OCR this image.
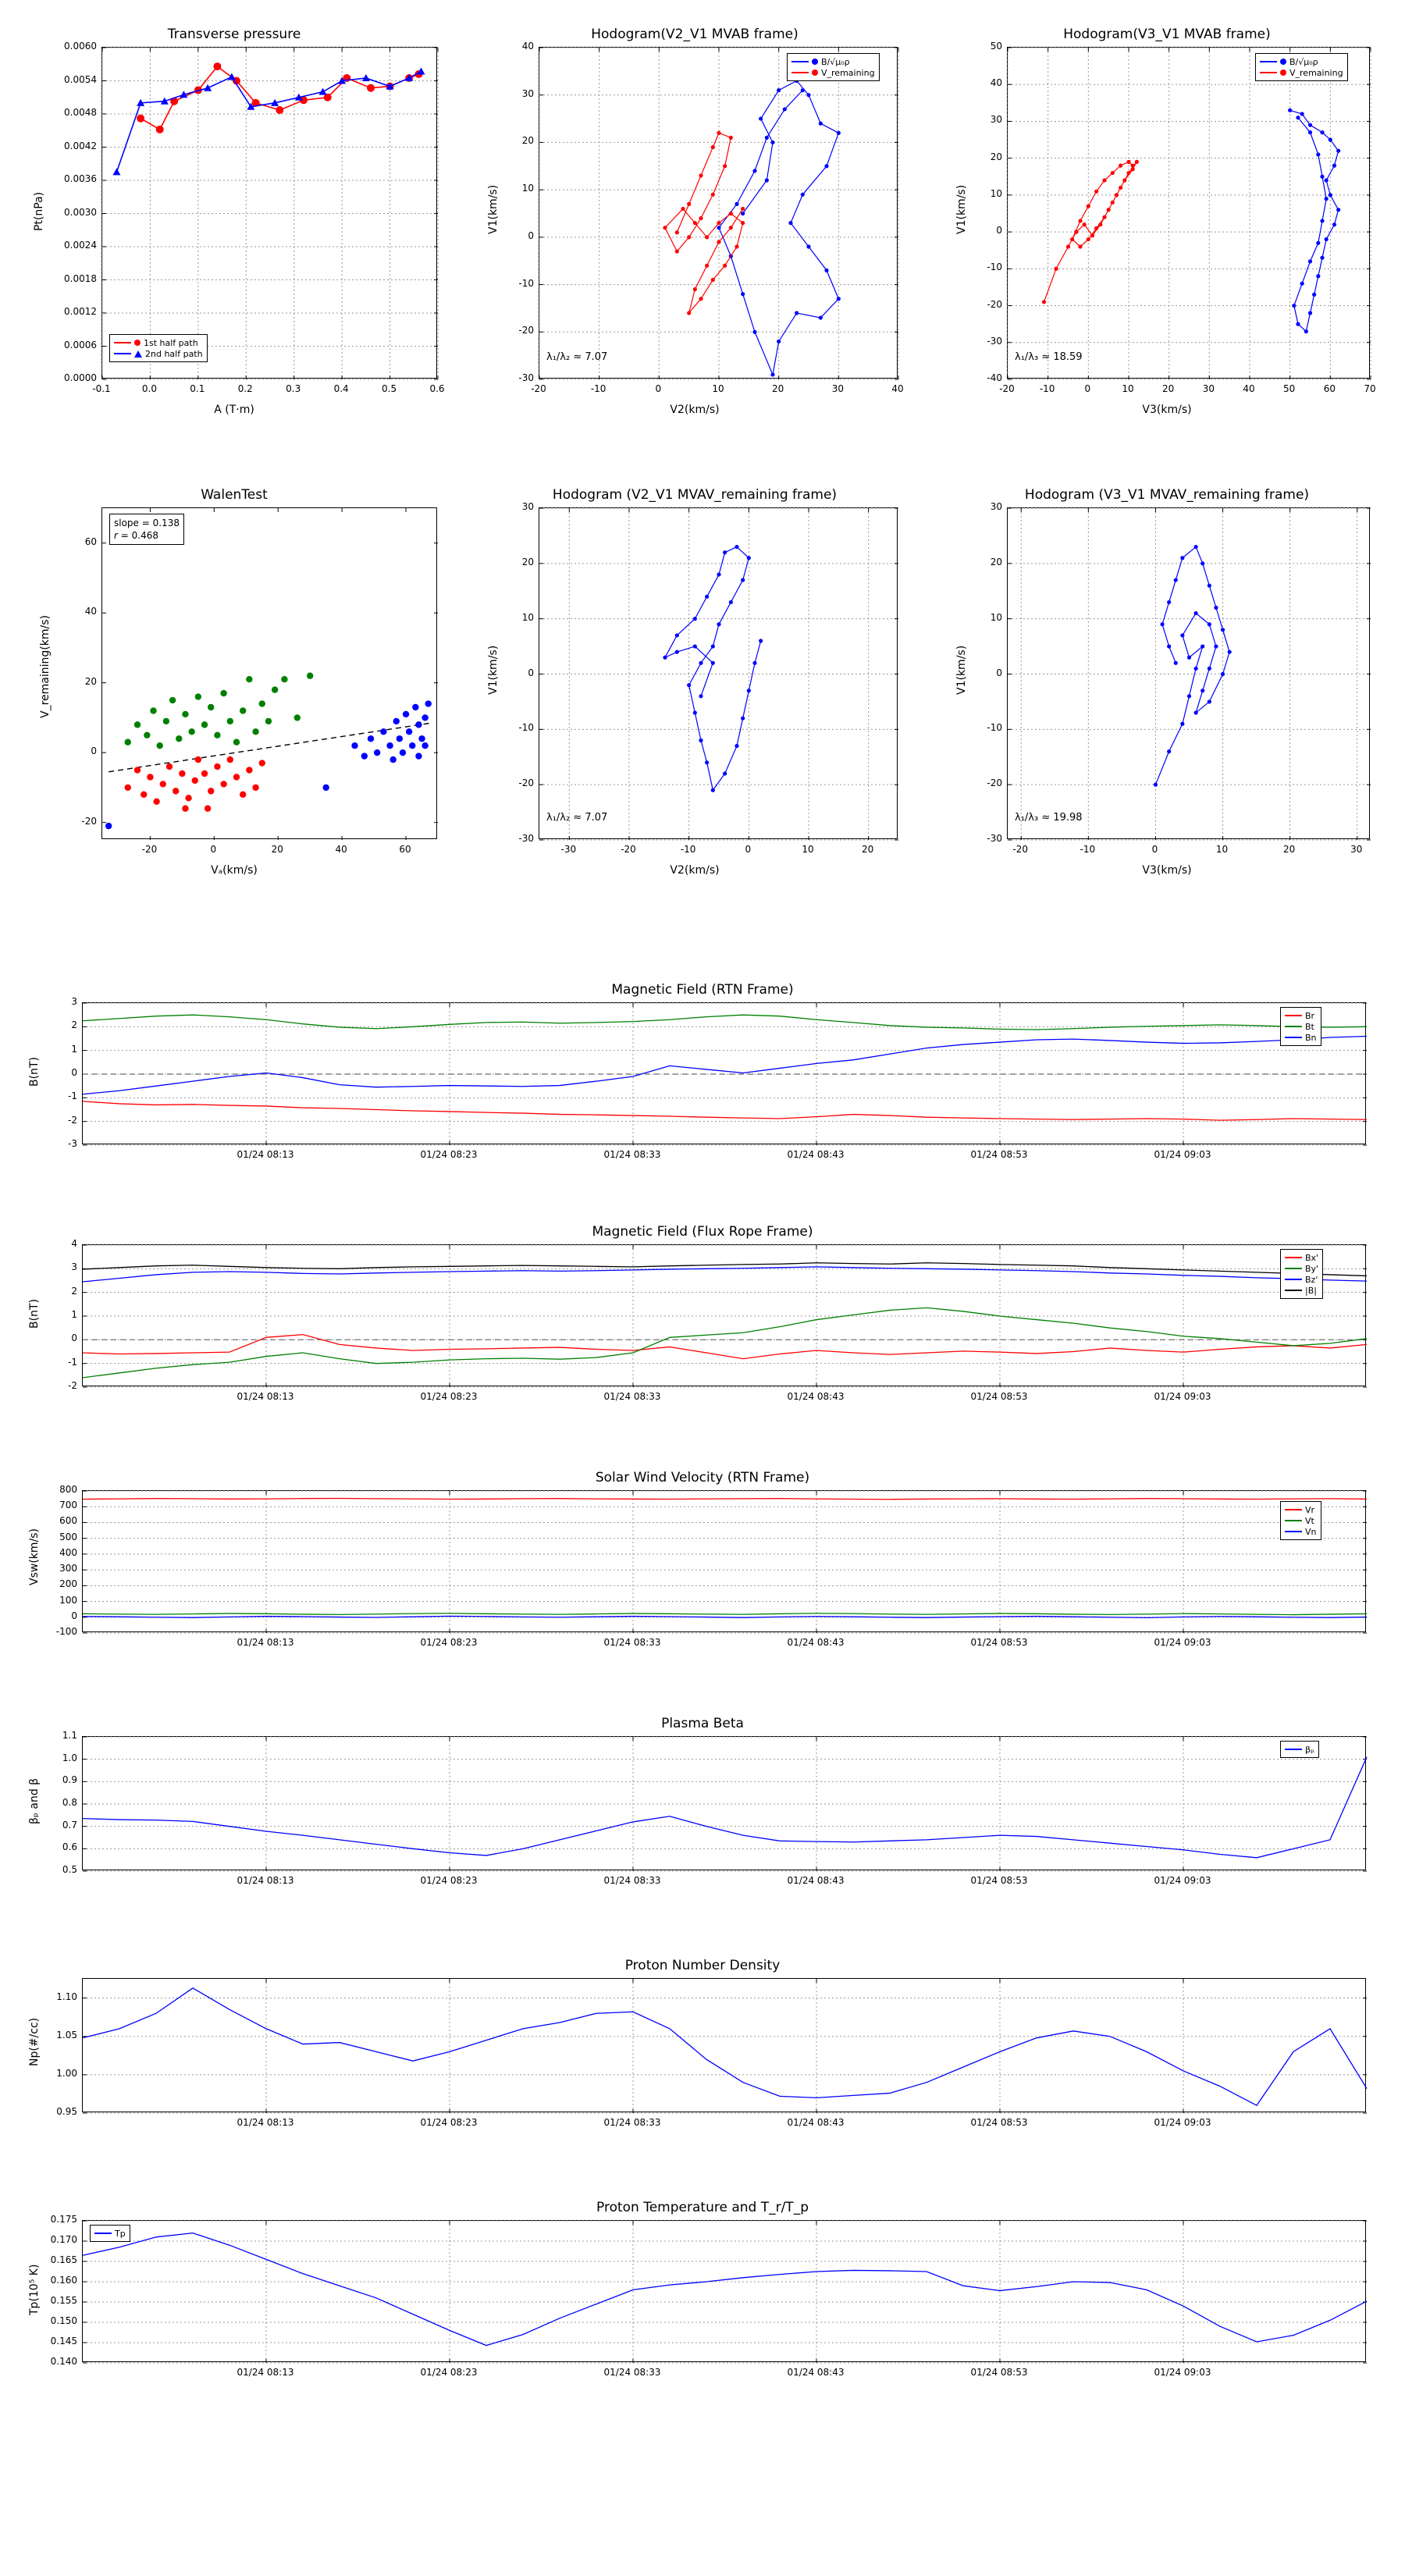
Transverse pressure
Pt(nPa)
A (T·m)
0.0000
0.0006
0.0012
0.0018
0.0024
0.0030
0.0036
0.0042
0.0048
0.0054
0.0060
-0.1	0.0	0.1	0.2	0.3	0.4	0.5	0.6
1st half path
2nd half path
Hodogram(V2_V1 MVAB frame)
V1(km/s)
V2(km/s)
-30
-20
-10
0
10
20
30
40
-20	-10	0	10	20	30	40
B/√μ₀ρ
V_remaining
λ₁/λ₂ ≈ 7.07
Hodogram(V3_V1 MVAB frame)
V1(km/s)
V3(km/s)
-40
-30
-20
-10
0
10
20
30
40
50
-20	-10	0	10	20	30	40	50	60	70
B/√μ₀ρ
V_remaining
λ₁/λ₃ ≈ 18.59
WalenTest
V_remaining(km/s)
Vₐ(km/s)
-20
0
20
40
60
-20	0	20	40	60
slope = 0.138
r = 0.468
Hodogram (V2_V1 MVAV_remaining frame)
V1(km/s)
V2(km/s)
-30
-20
-10
0
10
20
30
-30	-20	-10	0	10	20
λ₁/λ₂ ≈ 7.07
Hodogram (V3_V1 MVAV_remaining frame)
V1(km/s)
V3(km/s)
-30
-20
-10
0
10
20
30
-20	-10	0	10	20	30
λ₁/λ₃ ≈ 19.98
Magnetic Field (RTN Frame)
B(nT)
-3
-2
-1
0
1
2
3
01/24 08:13	01/24 08:23	01/24 08:33	01/24 08:43	01/24 08:53	01/24 09:03
Br
Bt
Bn
Magnetic Field (Flux Rope Frame)
B(nT)
-2
-1
0
1
2
3
4
01/24 08:13	01/24 08:23	01/24 08:33	01/24 08:43	01/24 08:53	01/24 09:03
Bx'
By'
Bz'
|B|
Solar Wind Velocity (RTN Frame)
Vsw(km/s)
-100
0
100
200
300
400
500
600
700
800
01/24 08:13	01/24 08:23	01/24 08:33	01/24 08:43	01/24 08:53	01/24 09:03
Vr
Vt
Vn
Plasma Beta
βₚ and β
0.5
0.6
0.7
0.8
0.9
1.0
1.1
01/24 08:13	01/24 08:23	01/24 08:33	01/24 08:43	01/24 08:53	01/24 09:03
βₚ
Proton Number Density
Np(#/cc)
0.95
1.00
1.05
1.10
01/24 08:13	01/24 08:23	01/24 08:33	01/24 08:43	01/24 08:53	01/24 09:03
Proton Temperature and T_r/T_p
Tp(10⁵ K)
0.140
0.145
0.150
0.155
0.160
0.165
0.170
0.175
01/24 08:13	01/24 08:23	01/24 08:33	01/24 08:43	01/24 08:53	01/24 09:03
Tp
